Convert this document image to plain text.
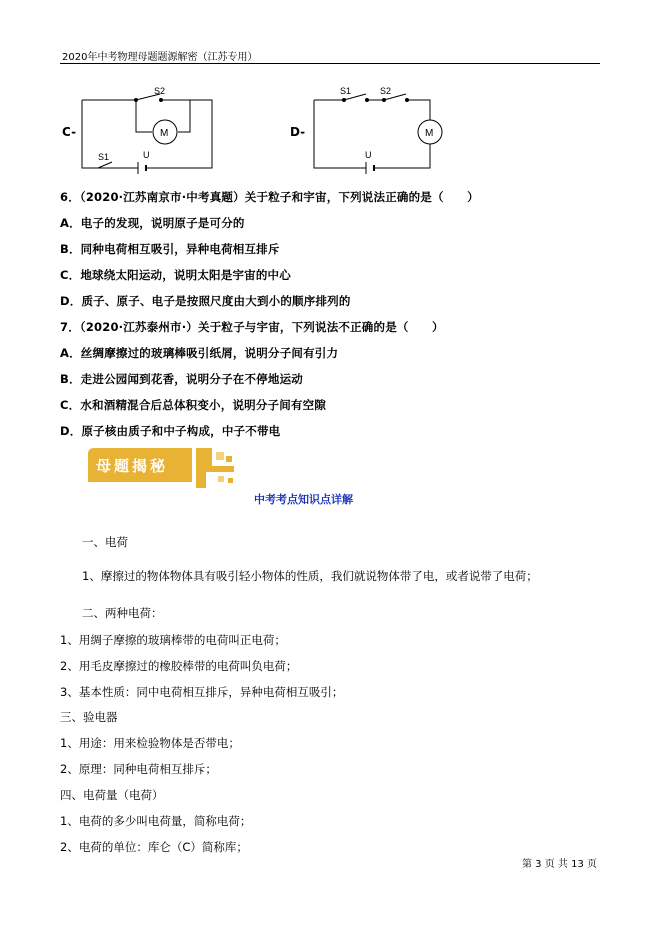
2020年中考物理母题题源解密（江苏专用）
C-
S2
M
S1	U
D-
S1	S2
M
U
6．（2020·江苏南京市·中考真题）关于粒子和宇宙，下列说法正确的是（　　）
A．电子的发现，说明原子是可分的
B．同种电荷相互吸引，异种电荷相互排斥
C．地球绕太阳运动，说明太阳是宇宙的中心
D．质子、原子、电子是按照尺度由大到小的顺序排列的
7．（2020·江苏泰州市·）关于粒子与宇宙，下列说法不正确的是（　　）
A．丝绸摩擦过的玻璃棒吸引纸屑，说明分子间有引力
B．走进公园闻到花香，说明分子在不停地运动
C．水和酒精混合后总体积变小，说明分子间有空隙
D．原子核由质子和中子构成，中子不带电
母题揭秘
中考考点知识点详解
一、电荷
1、摩擦过的物体物体具有吸引轻小物体的性质，我们就说物体带了电，或者说带了电荷；
二、两种电荷：
1、用绸子摩擦的玻璃棒带的电荷叫正电荷；
2、用毛皮摩擦过的橡胶棒带的电荷叫负电荷；
3、基本性质：同中电荷相互排斥，异种电荷相互吸引；
三、验电器
1、用途：用来检验物体是否带电；
2、原理：同种电荷相互排斥；
四、电荷量（电荷）
1、电荷的多少叫电荷量，简称电荷；
2、电荷的单位：库仑（C）简称库；
第 3 页 共 13 页
